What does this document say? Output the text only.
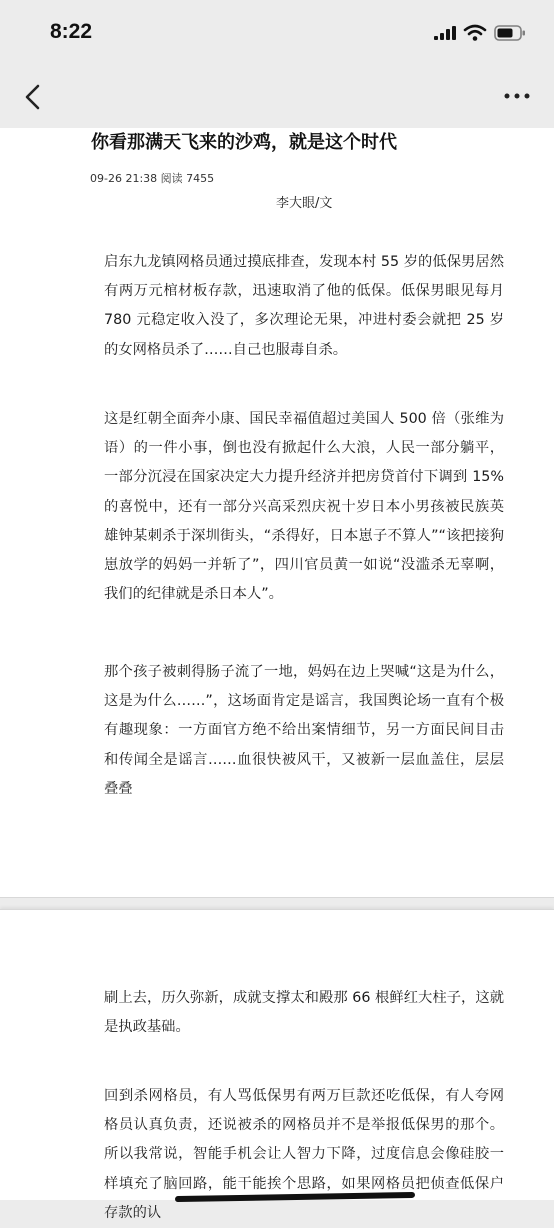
8:22
你看那满天飞来的沙鸡，就是这个时代
09-26 21:38 阅读 7455
李大眼/文

启东九龙镇网格员通过摸底排查，发现本村 55 岁的低保男居然有两万元棺材板存款，迅速取消了他的低保。低保男眼见每月 780 元稳定收入没了，多次理论无果，冲进村委会就把 25 岁的女网格员杀了……自己也服毒自杀。

这是红朝全面奔小康、国民幸福值超过美国人 500 倍（张维为语）的一件小事，倒也没有掀起什么大浪，人民一部分躺平，一部分沉浸在国家决定大力提升经济并把房贷首付下调到 15%的喜悦中，还有一部分兴高采烈庆祝十岁日本小男孩被民族英雄钟某刺杀于深圳街头，“杀得好，日本崽子不算人”“该把接狗崽放学的妈妈一并斩了”，四川官员黄一如说“没滥杀无辜啊，我们的纪律就是杀日本人”。

那个孩子被刺得肠子流了一地，妈妈在边上哭喊“这是为什么，这是为什么……”，这场面肯定是谣言，我国舆论场一直有个极有趣现象：一方面官方绝不给出案情细节，另一方面民间目击和传闻全是谣言……血很快被风干，又被新一层血盖住，层层叠叠

刷上去，历久弥新，成就支撑太和殿那 66 根鲜红大柱子，这就是执政基础。

回到杀网格员，有人骂低保男有两万巨款还吃低保，有人夸网格员认真负责，还说被杀的网格员并不是举报低保男的那个。所以我常说，智能手机会让人智力下降，过度信息会像硅胶一样填充了脑回路，能干能挨个思路，如果网格员把侦查低保户存款的认
